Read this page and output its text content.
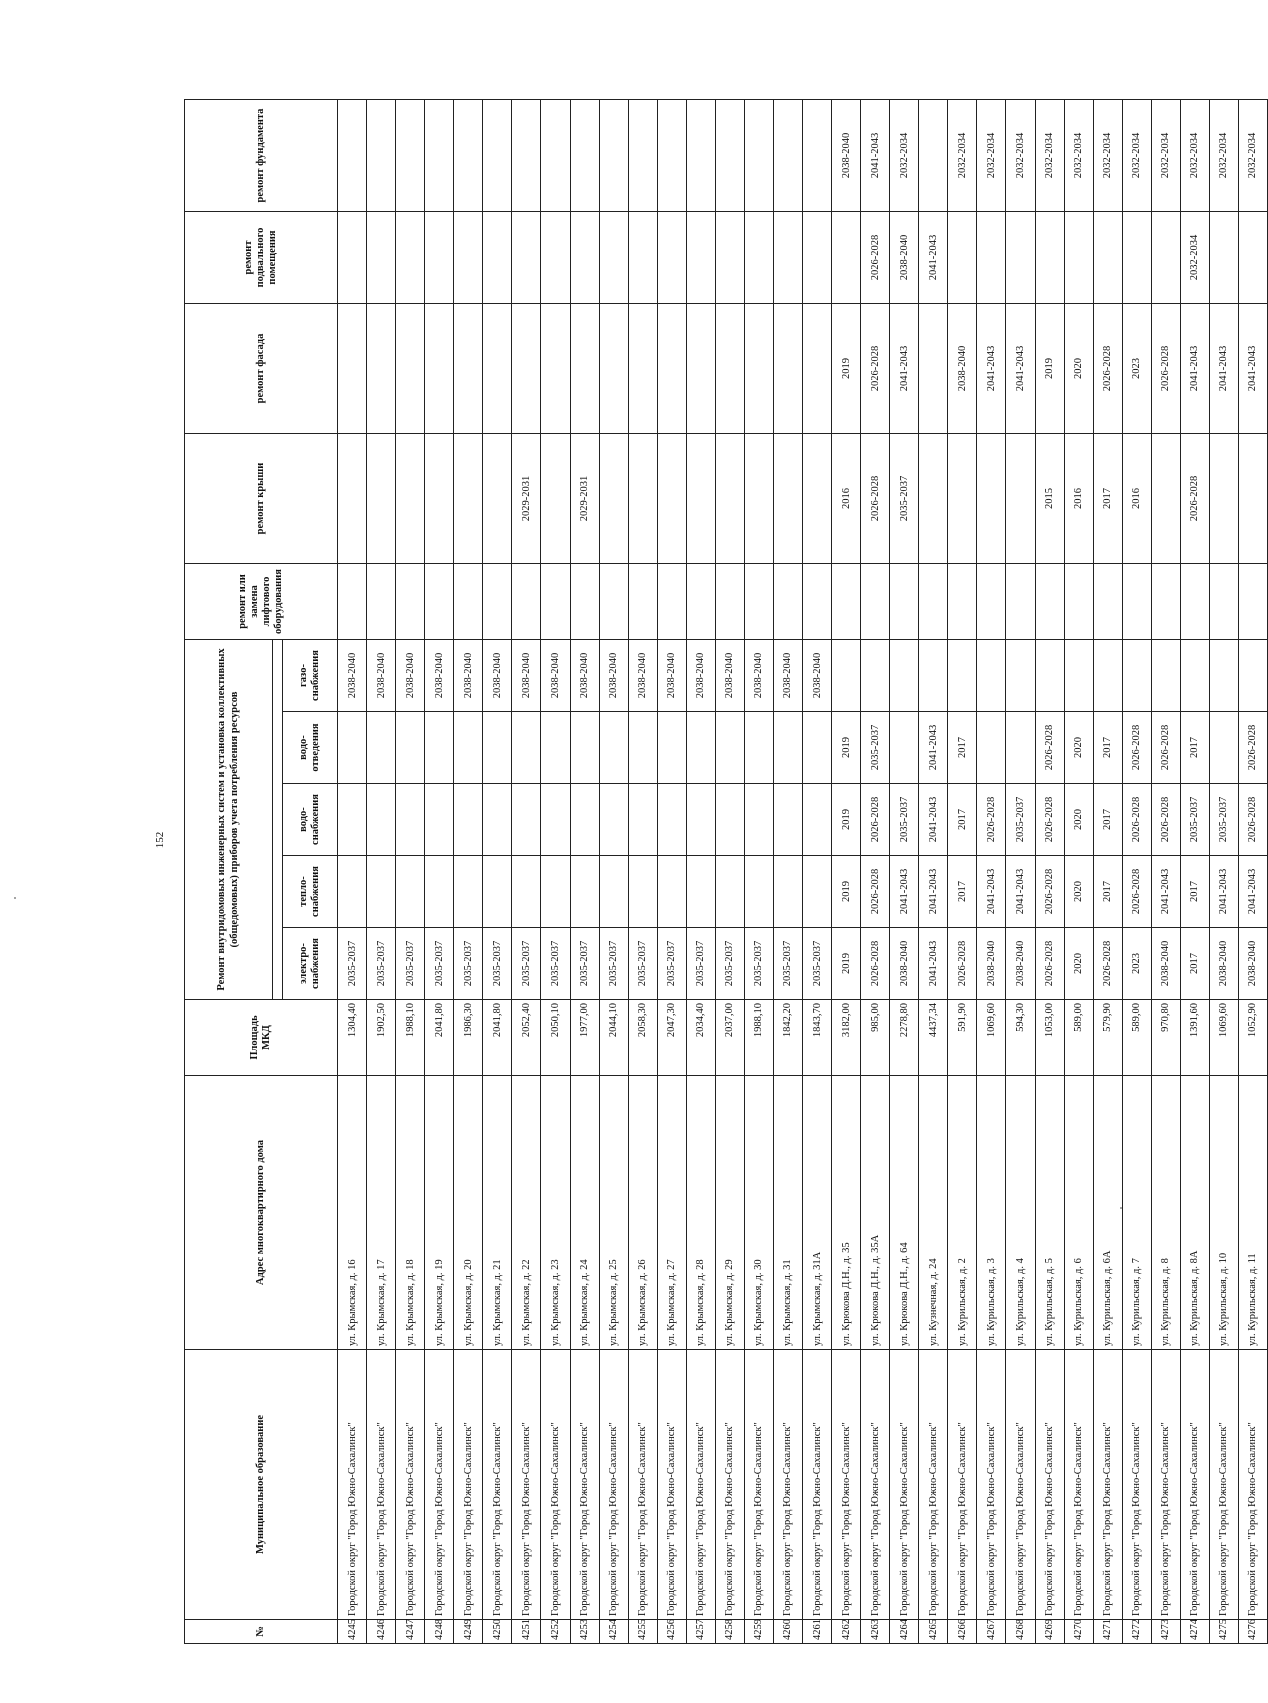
152
№	Муниципальное образование	Адрес многоквартирного дома	Площадь МКД	Ремонт внутридомовых инженерных систем и установка коллективных (общедомовых) приборов учета потребления ресурсов					ремонт или замена лифтового оборудования	ремонт крыши	ремонт фасада	ремонт подвального помещения	ремонт фундамента

				электро-снабжения	тепло-снабжения	водо-снабжения	водо-отведения	газо-снабжения					
4245	Городской округ "Город Южно-Сахалинск"	ул. Крымская, д. 16	1304,40	2035-2037				2038-2040					
4246	Городской округ "Город Южно-Сахалинск"	ул. Крымская, д. 17	1902,50	2035-2037				2038-2040					
4247	Городской округ "Город Южно-Сахалинск"	ул. Крымская, д. 18	1988,10	2035-2037				2038-2040					
4248	Городской округ "Город Южно-Сахалинск"	ул. Крымская, д. 19	2041,80	2035-2037				2038-2040					
4249	Городской округ "Город Южно-Сахалинск"	ул. Крымская, д. 20	1986,30	2035-2037				2038-2040					
4250	Городской округ "Город Южно-Сахалинск"	ул. Крымская, д. 21	2041,80	2035-2037				2038-2040					
4251	Городской округ "Город Южно-Сахалинск"	ул. Крымская, д. 22	2052,40	2035-2037				2038-2040		2029-2031			
4252	Городской округ "Город Южно-Сахалинск"	ул. Крымская, д. 23	2050,10	2035-2037				2038-2040					
4253	Городской округ "Город Южно-Сахалинск"	ул. Крымская, д. 24	1977,00	2035-2037				2038-2040		2029-2031			
4254	Городской округ "Город Южно-Сахалинск"	ул. Крымская, д. 25	2044,10	2035-2037				2038-2040					
4255	Городской округ "Город Южно-Сахалинск"	ул. Крымская, д. 26	2058,30	2035-2037				2038-2040					
4256	Городской округ "Город Южно-Сахалинск"	ул. Крымская, д. 27	2047,30	2035-2037				2038-2040					
4257	Городской округ "Город Южно-Сахалинск"	ул. Крымская, д. 28	2034,40	2035-2037				2038-2040					
4258	Городской округ "Город Южно-Сахалинск"	ул. Крымская, д. 29	2037,00	2035-2037				2038-2040					
4259	Городской округ "Город Южно-Сахалинск"	ул. Крымская, д. 30	1988,10	2035-2037				2038-2040					
4260	Городской округ "Город Южно-Сахалинск"	ул. Крымская, д. 31	1842,20	2035-2037				2038-2040					
4261	Городской округ "Город Южно-Сахалинск"	ул. Крымская, д. 31А	1843,70	2035-2037				2038-2040					
4262	Городской округ "Город Южно-Сахалинск"	ул. Крюкова Д.Н., д. 35	3182,00	2019	2019	2019	2019			2016	2019		2038-2040
4263	Городской округ "Город Южно-Сахалинск"	ул. Крюкова Д.Н., д. 35А	985,00	2026-2028	2026-2028	2026-2028	2035-2037			2026-2028	2026-2028	2026-2028	2041-2043
4264	Городской округ "Город Южно-Сахалинск"	ул. Крюкова Д.Н., д. 64	2278,80	2038-2040	2041-2043	2035-2037				2035-2037	2041-2043	2038-2040	2032-2034
4265	Городской округ "Город Южно-Сахалинск"	ул. Кузнечная, д. 24	4437,34	2041-2043	2041-2043	2041-2043	2041-2043					2041-2043	
4266	Городской округ "Город Южно-Сахалинск"	ул. Курильская, д. 2	591,90	2026-2028	2017	2017	2017				2038-2040		2032-2034
4267	Городской округ "Город Южно-Сахалинск"	ул. Курильская, д. 3	1069,60	2038-2040	2041-2043	2026-2028					2041-2043		2032-2034
4268	Городской округ "Город Южно-Сахалинск"	ул. Курильская, д. 4	594,30	2038-2040	2041-2043	2035-2037					2041-2043		2032-2034
4269	Городской округ "Город Южно-Сахалинск"	ул. Курильская, д. 5	1053,00	2026-2028	2026-2028	2026-2028	2026-2028			2015	2019		2032-2034
4270	Городской округ "Город Южно-Сахалинск"	ул. Курильская, д. 6	589,00	2020	2020	2020	2020			2016	2020		2032-2034
4271	Городской округ "Город Южно-Сахалинск"	ул. Курильская, д. 6А	579,90	2026-2028	2017	2017	2017			2017	2026-2028		2032-2034
4272	Городской округ "Город Южно-Сахалинск"	ул. Курильская, д. 7	589,00	2023	2026-2028	2026-2028	2026-2028			2016	2023		2032-2034
4273	Городской округ "Город Южно-Сахалинск"	ул. Курильская, д. 8	970,80	2038-2040	2041-2043	2026-2028	2026-2028				2026-2028		2032-2034
4274	Городской округ "Город Южно-Сахалинск"	ул. Курильская, д. 8А	1391,60	2017	2017	2035-2037	2017			2026-2028	2041-2043	2032-2034	2032-2034
4275	Городской округ "Город Южно-Сахалинск"	ул. Курильская, д. 10	1069,60	2038-2040	2041-2043	2035-2037					2041-2043		2032-2034
4276	Городской округ "Город Южно-Сахалинск"	ул. Курильская, д. 11	1052,90	2038-2040	2041-2043	2026-2028	2026-2028				2041-2043		2032-2034
